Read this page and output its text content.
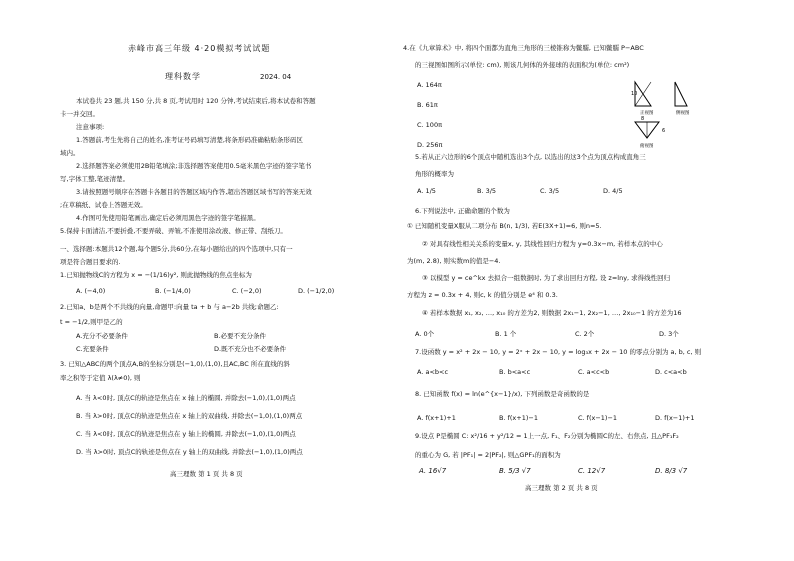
赤峰市高三年级 4·20模拟考试试题
理科数学	2024. 04
本试卷共 23 题,共 150 分,共 8 页,考试用时 120 分钟,考试结束后,将本试卷和答题
卡一并交回。
注意事项:
1.答题前,考生先将自己的姓名,准考证号码填写清楚,将条形码准确粘贴条形码区
域内。
2.选择题答案必须使用2B铅笔填涂;非选择题答案使用0.5毫米黑色字迹的签字笔书
写,字体工整,笔迹清楚。
3.请按照题号顺序在答题卡各题目的答题区域内作答,超出答题区域书写的答案无效
;在草稿纸、试卷上答题无效。
4.作图可先使用铅笔画出,确定后必须用黑色字迹的签字笔描黑。
5.保持卡面清洁,不要折叠,不要弄破、弄皱,不准使用涂改液、修正带、刮纸刀。
一、选择题:本题共12个题,每个题5分,共60分,在每小题给出的四个选项中,只有一
项是符合题目要求的.
1.已知抛物线C的方程为 x = −(1/16)y², 则此抛物线的焦点坐标为
A. (−4,0)	B. (−1/4,0)	C. (−2,0)	D. (−1/2,0)
2.已知a、b是两个不共线的向量,命题甲:向量 ta + b 与 a−2b 共线;命题乙:
t = −1/2,则甲是乙的
A.充分不必要条件	B.必要不充分条件
C.充要条件	D.既不充分也不必要条件
3. 已知△ABC的两个顶点A,B的坐标分别是(−1,0),(1,0),且AC,BC 所在直线的斜
率之积等于定值 λ(λ≠0), 则
A. 当 λ<0时, 顶点C的轨迹是焦点在 x 轴上的椭圆, 并除去(−1,0),(1,0)两点
B. 当 λ>0时, 顶点C的轨迹是焦点在 x 轴上的双曲线, 并除去(−1,0),(1,0)两点
C. 当 λ<0时, 顶点C的轨迹是焦点在 y 轴上的椭圆, 并除去(−1,0),(1,0)两点
D. 当 λ>0时, 顶点C的轨迹是焦点在 y 轴上的双曲线, 并除去(−1,0),(1,0)两点
高三理数 第 1 页 共 8 页
4.在《九章算术》中, 将四个面都为直角三角形的三棱锥称为鳖臑, 已知鳖臑 P−ABC
的三视图如图所示(单位: cm), 则该几何体的外接球的表面积为(单位: cm²)
A. 164π
B. 61π
C. 100π
D. 256π
10
正视图	侧视图
8
6
俯视图
5.若从正六边形的6个顶点中随机选出3个点, 以选出的这3个点为顶点构成直角三
角形的概率为
A. 1/5	B. 3/5	C. 3/5	D. 4/5
6.下列说法中, 正确命题的个数为
① 已知随机变量X服从二项分布 B(n, 1/3), 若E(3X+1)=6, 则n=5.
② 对具有线性相关关系的变量x, y, 其线性回归方程为 y=0.3x−m, 若样本点的中心
为(m, 2.8), 则实数m的值是−4.
③ 以模型 y = ce^kx 去拟合一组数据时, 为了求出回归方程, 设 z=lny, 求得线性回归
方程为 z = 0.3x + 4, 则c, k 的值分别是 e⁴ 和 0.3.
④ 若样本数据 x₁, x₂, …, x₁₀ 的方差为2, 则数据 2x₁−1, 2x₂−1, …, 2x₁₀−1 的方差为16
A. 0个	B. 1 个	C. 2个	D. 3个
7.设函数 y = x² + 2x − 10, y = 2ˣ + 2x − 10, y = log₃x + 2x − 10 的零点分别为 a, b, c, 则
A. a<b<c	B. b<a<c	C. a<c<b	D. c<a<b
8. 已知函数 f(x) = ln(e^{x−1}/x), 下列函数是奇函数的是
A. f(x+1)+1	B. f(x+1)−1	C. f(x−1)−1	D. f(x−1)+1
9.设点 P是椭圆 C: x²/16 + y²/12 = 1上一点, F₁、F₂分别为椭圆C的左、右焦点, 且△PF₁F₂
的重心为 G, 若 |PF₁| = 2|PF₂|, 则△GPF₁的面积为
A. 16√7	B. 5/3 √7	C. 12√7	D. 8/3 √7
高三理数 第 2 页 共 8 页
